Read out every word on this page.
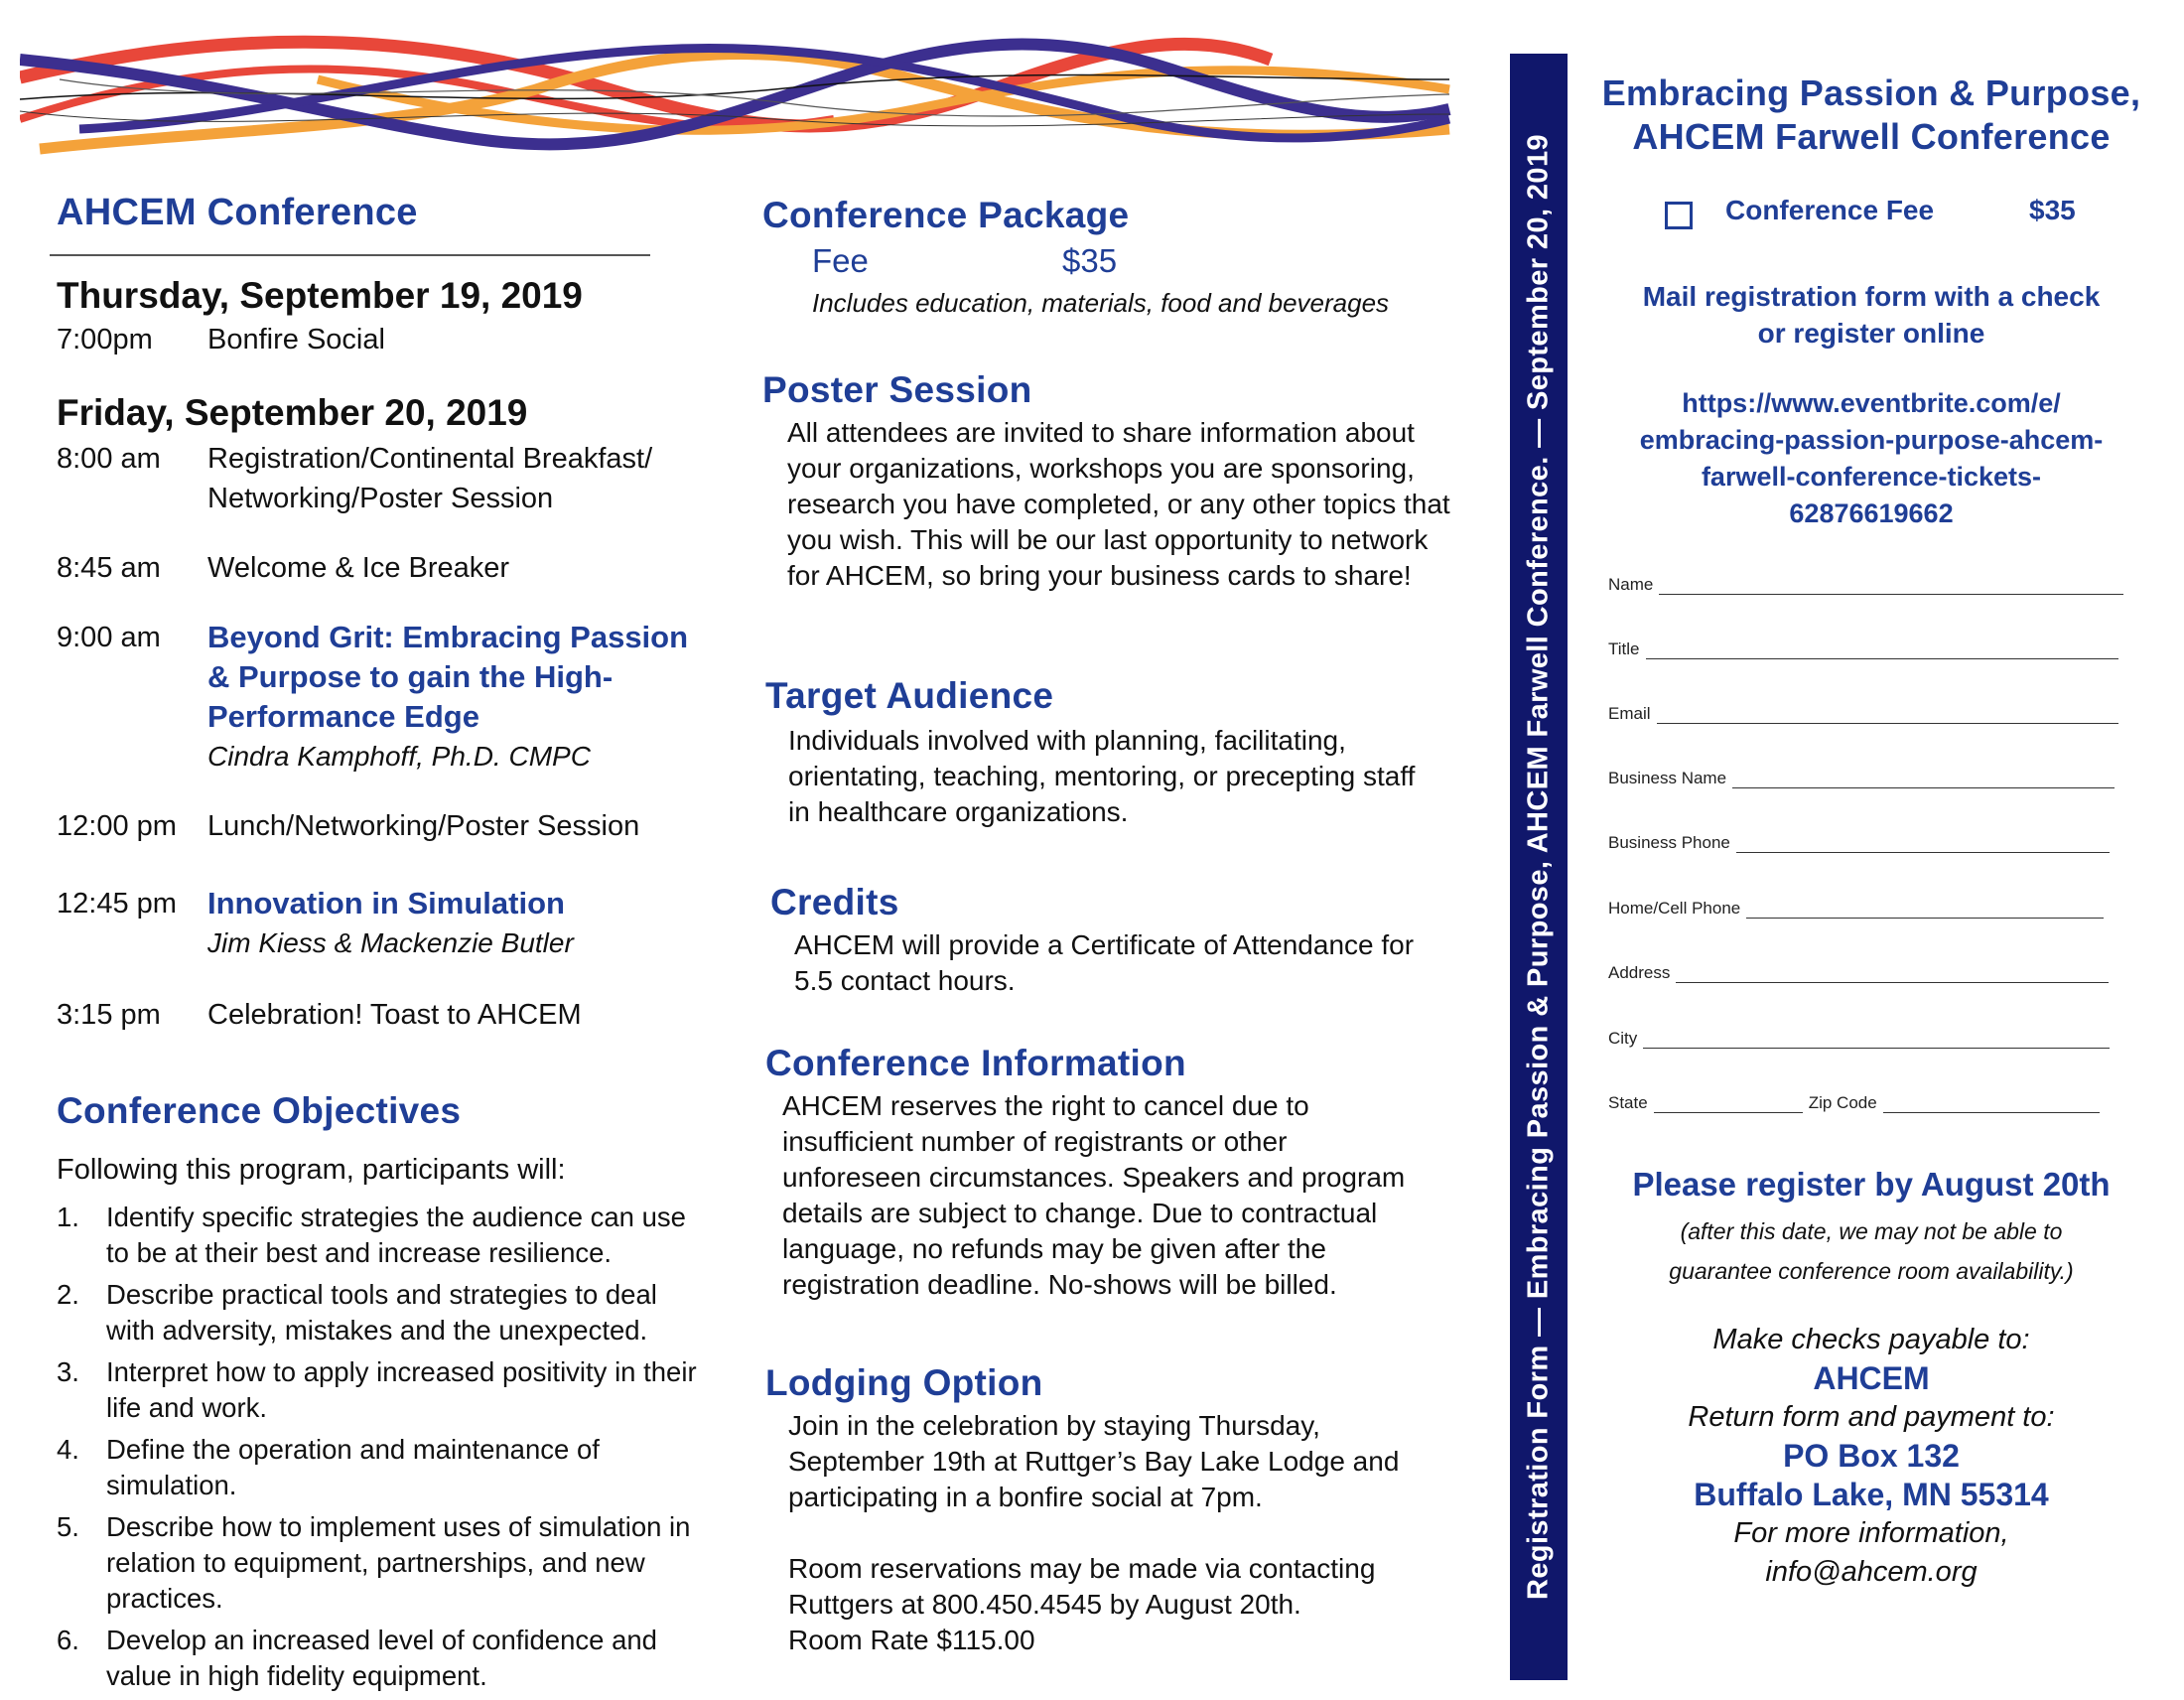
AHCEM Conference
Thursday, September 19, 2019
7:00pm	Bonfire Social
Friday, September 20, 2019
8:00 am	Registration/Continental Breakfast/ Networking/Poster Session
8:45 am	Welcome & Ice Breaker
9:00 am	Beyond Grit: Embracing Passion & Purpose to gain the High-Performance Edge
Cindra Kamphoff, Ph.D. CMPC
12:00 pm	Lunch/Networking/Poster Session
12:45 pm	Innovation in Simulation
Jim Kiess & Mackenzie Butler
3:15 pm	Celebration! Toast to AHCEM
Conference Objectives
Following this program, participants will:
1. Identify specific strategies the audience can use to be at their best and increase resilience.
2. Describe practical tools and strategies to deal with adversity, mistakes and the unexpected.
3. Interpret how to apply increased positivity in their life and work.
4. Define the operation and maintenance of simulation.
5. Describe how to implement uses of simulation in relation to equipment, partnerships, and new practices.
6. Develop an increased level of confidence and value in high fidelity equipment.
Conference Package
Fee	$35
Includes education, materials, food and beverages
Poster Session
All attendees are invited to share information about your organizations, workshops you are sponsoring, research you have completed, or any other topics that you wish. This will be our last opportunity to network for AHCEM, so bring your business cards to share!
Target Audience
Individuals involved with planning, facilitating, orientating, teaching, mentoring, or precepting staff in healthcare organizations.
Credits
AHCEM will provide a Certificate of Attendance for 5.5 contact hours.
Conference Information
AHCEM reserves the right to cancel due to insufficient number of registrants or other unforeseen circumstances. Speakers and program details are subject to change. Due to contractual language, no refunds may be given after the registration deadline. No-shows will be billed.
Lodging Option
Join in the celebration by staying Thursday, September 19th at Ruttger’s Bay Lake Lodge and participating in a bonfire social at 7pm.
Room reservations may be made via contacting Ruttgers at 800.450.4545 by August 20th.
Room Rate $115.00
Registration Form — Embracing Passion & Purpose, AHCEM Farwell Conference. — September 20, 2019
Embracing Passion & Purpose,
AHCEM Farwell Conference
Conference Fee	$35
Mail registration form with a check
or register online
https://www.eventbrite.com/e/
embracing-passion-purpose-ahcem-
farwell-conference-tickets-
62876619662
Name
Title
Email
Business Name
Business Phone
Home/Cell Phone
Address
City
State	Zip Code
Please register by August 20th
(after this date, we may not be able to
guarantee conference room availability.)
Make checks payable to:
AHCEM
Return form and payment to:
PO Box 132
Buffalo Lake, MN 55314
For more information,
info@ahcem.org
